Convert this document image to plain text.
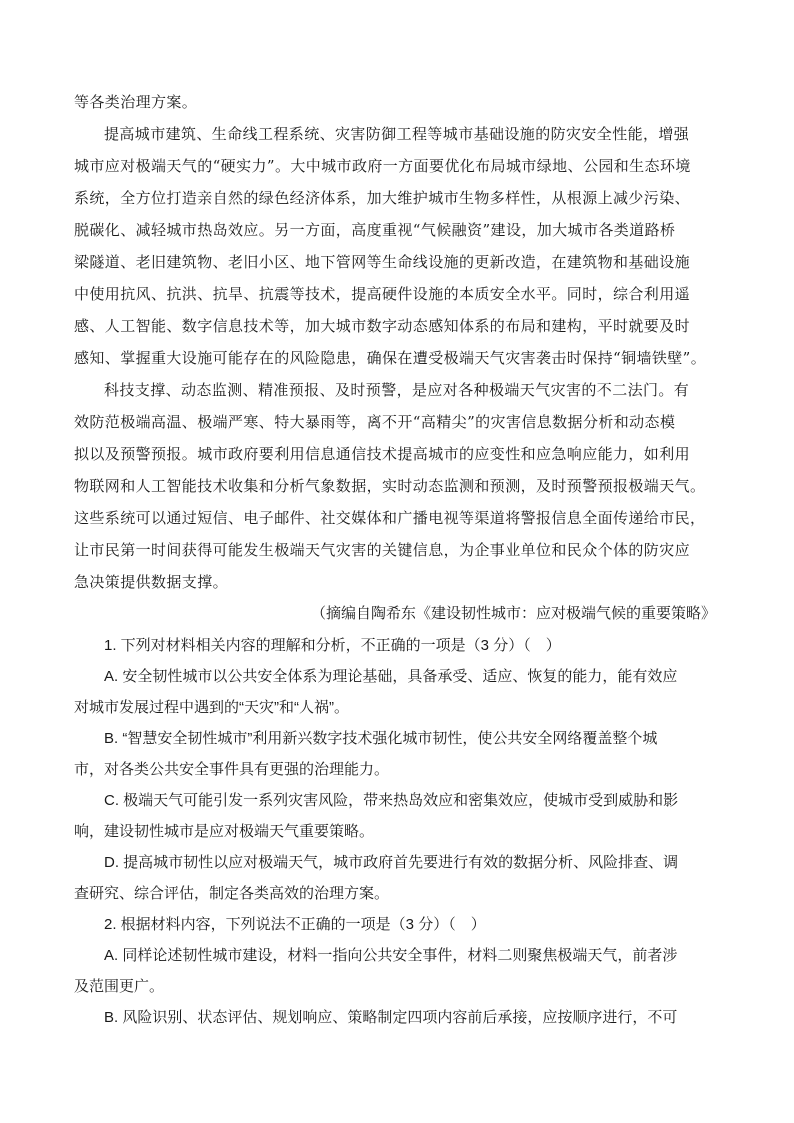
等各类治理方案。
提高城市建筑、生命线工程系统、灾害防御工程等城市基础设施的防灾安全性能，增强
城市应对极端天气的“硬实力”。大中城市政府一方面要优化布局城市绿地、公园和生态环境
系统，全方位打造亲自然的绿色经济体系，加大维护城市生物多样性，从根源上减少污染、
脱碳化、减轻城市热岛效应。另一方面，高度重视“气候融资”建设，加大城市各类道路桥
梁隧道、老旧建筑物、老旧小区、地下管网等生命线设施的更新改造，在建筑物和基础设施
中使用抗风、抗洪、抗旱、抗震等技术，提高硬件设施的本质安全水平。同时，综合利用遥
感、人工智能、数字信息技术等，加大城市数字动态感知体系的布局和建构，平时就要及时
感知、掌握重大设施可能存在的风险隐患，确保在遭受极端天气灾害袭击时保持“铜墙铁壁”。
科技支撑、动态监测、精准预报、及时预警，是应对各种极端天气灾害的不二法门。有
效防范极端高温、极端严寒、特大暴雨等，离不开“高精尖”的灾害信息数据分析和动态模
拟以及预警预报。城市政府要利用信息通信技术提高城市的应变性和应急响应能力，如利用
物联网和人工智能技术收集和分析气象数据，实时动态监测和预测，及时预警预报极端天气。
这些系统可以通过短信、电子邮件、社交媒体和广播电视等渠道将警报信息全面传递给市民，
让市民第一时间获得可能发生极端天气灾害的关键信息，为企事业单位和民众个体的防灾应
急决策提供数据支撑。
（摘编自陶希东《建设韧性城市：应对极端气候的重要策略》
1. 下列对材料相关内容的理解和分析，不正确的一项是（3 分）（　）
A. 安全韧性城市以公共安全体系为理论基础，具备承受、适应、恢复的能力，能有效应
对城市发展过程中遇到的“天灾”和“人祸”。
B. “智慧安全韧性城市”利用新兴数字技术强化城市韧性，使公共安全网络覆盖整个城
市，对各类公共安全事件具有更强的治理能力。
C. 极端天气可能引发一系列灾害风险，带来热岛效应和密集效应，使城市受到威胁和影
响，建设韧性城市是应对极端天气重要策略。
D. 提高城市韧性以应对极端天气，城市政府首先要进行有效的数据分析、风险排查、调
查研究、综合评估，制定各类高效的治理方案。
2. 根据材料内容，下列说法不正确的一项是（3 分）（　）
A. 同样论述韧性城市建设，材料一指向公共安全事件，材料二则聚焦极端天气，前者涉
及范围更广。
B. 风险识别、状态评估、规划响应、策略制定四项内容前后承接，应按顺序进行，不可
